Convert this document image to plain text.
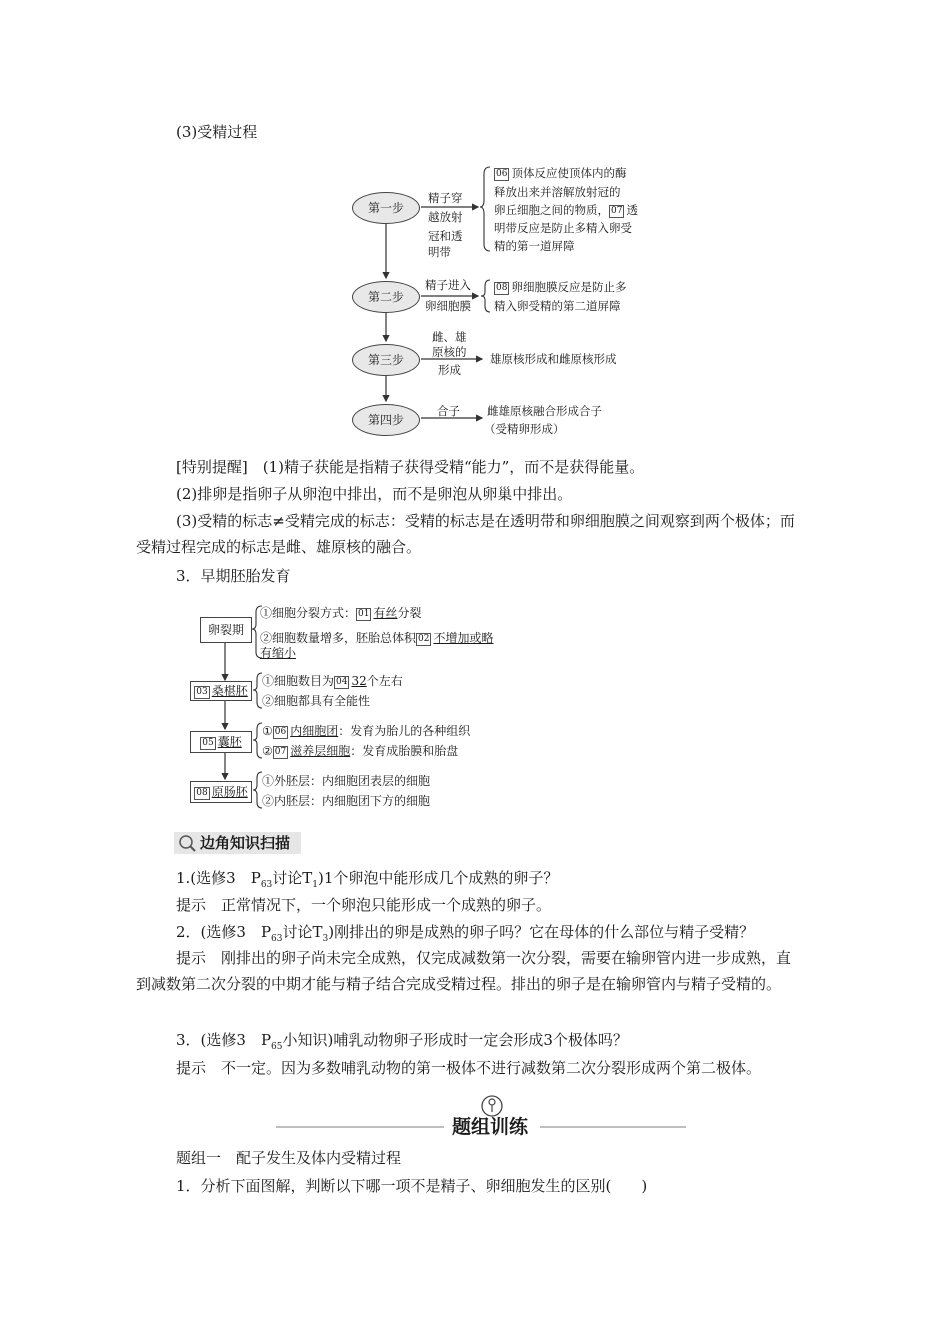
(3)受精过程
第一步
第二步
第三步
第四步
精子穿
越放射
冠和透
明带
06 顶体反应使顶体内的酶
释放出来并溶解放射冠的
卵丘细胞之间的物质， 07 透
明带反应是防止多精入卵受
精的第一道屏障
精子进入
卵细胞膜
08 卵细胞膜反应是防止多
精入卵受精的第二道屏障
雌、雄
原核的
形成
雄原核形成和雌原核形成
合子 雌雄原核融合形成合子
（受精卵形成）
[特别提醒]　(1)精子获能是指精子获得受精“能力”，而不是获得能量。
(2)排卵是指卵子从卵泡中排出，而不是卵泡从卵巢中排出。
(3)受精的标志≠受精完成的标志：受精的标志是在透明带和卵细胞膜之间观察到两个极体；而受精过程完成的标志是雌、雄原核的融合。
3．早期胚胎发育
卵裂期
03 桑椹胚
05 囊胚
08 原肠胚
①细胞分裂方式： 01 有丝分裂
②细胞数量增多，胚胎总体积 02 不增加或略
有缩小
①细胞数目为 04 32个左右
②细胞都具有全能性
① 06 内细胞团：发育为胎儿的各种组织
② 07 滋养层细胞：发育成胎膜和胎盘
①外胚层：内细胞团表层的细胞
②内胚层：内细胞团下方的细胞
边角知识扫描
1.(选修3　$P_{63}$讨论$T_1)1$个卵泡中能形成几个成熟的卵子？
提示　正常情况下，一个卵泡只能形成一个成熟的卵子。
2．(选修3　$P_{63}$讨论$T_3$)刚排出的卵是成熟的卵子吗？它在母体的什么部位与精子受精？
提示　刚排出的卵子尚未完全成熟，仅完成减数第一次分裂，需要在输卵管内进一步成熟，直到减数第二次分裂的中期才能与精子结合完成受精过程。排出的卵子是在输卵管内与精子受精的。
3．(选修3　$P_{65}$小知识)哺乳动物卵子形成时一定会形成3个极体吗？
提示　不一定。因为多数哺乳动物的第一极体不进行减数第二次分裂形成两个第二极体。
题组训练
题组一　配子发生及体内受精过程
1．分析下面图解，判断以下哪一项不是精子、卵细胞发生的区别(　　)
